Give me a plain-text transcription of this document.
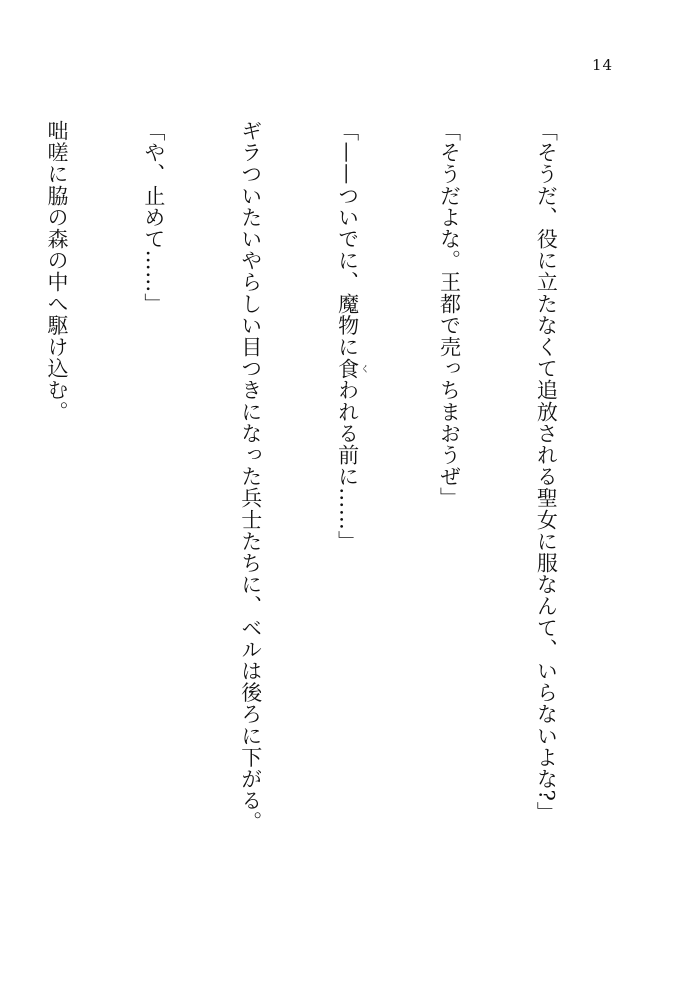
14

「そうだ、役に立たなくて追放される聖女に服なんて、いらないよな?」

「そうだよな。王都で売っちまおうぜ」

「——ついでに、魔物に食 くわれる前に……」

ギラついたいやらしい目つきになった兵士たちに、ベルは後ろに下がる。

「や、止めて……」

咄嗟に脇の森の中へ駆け込む。
